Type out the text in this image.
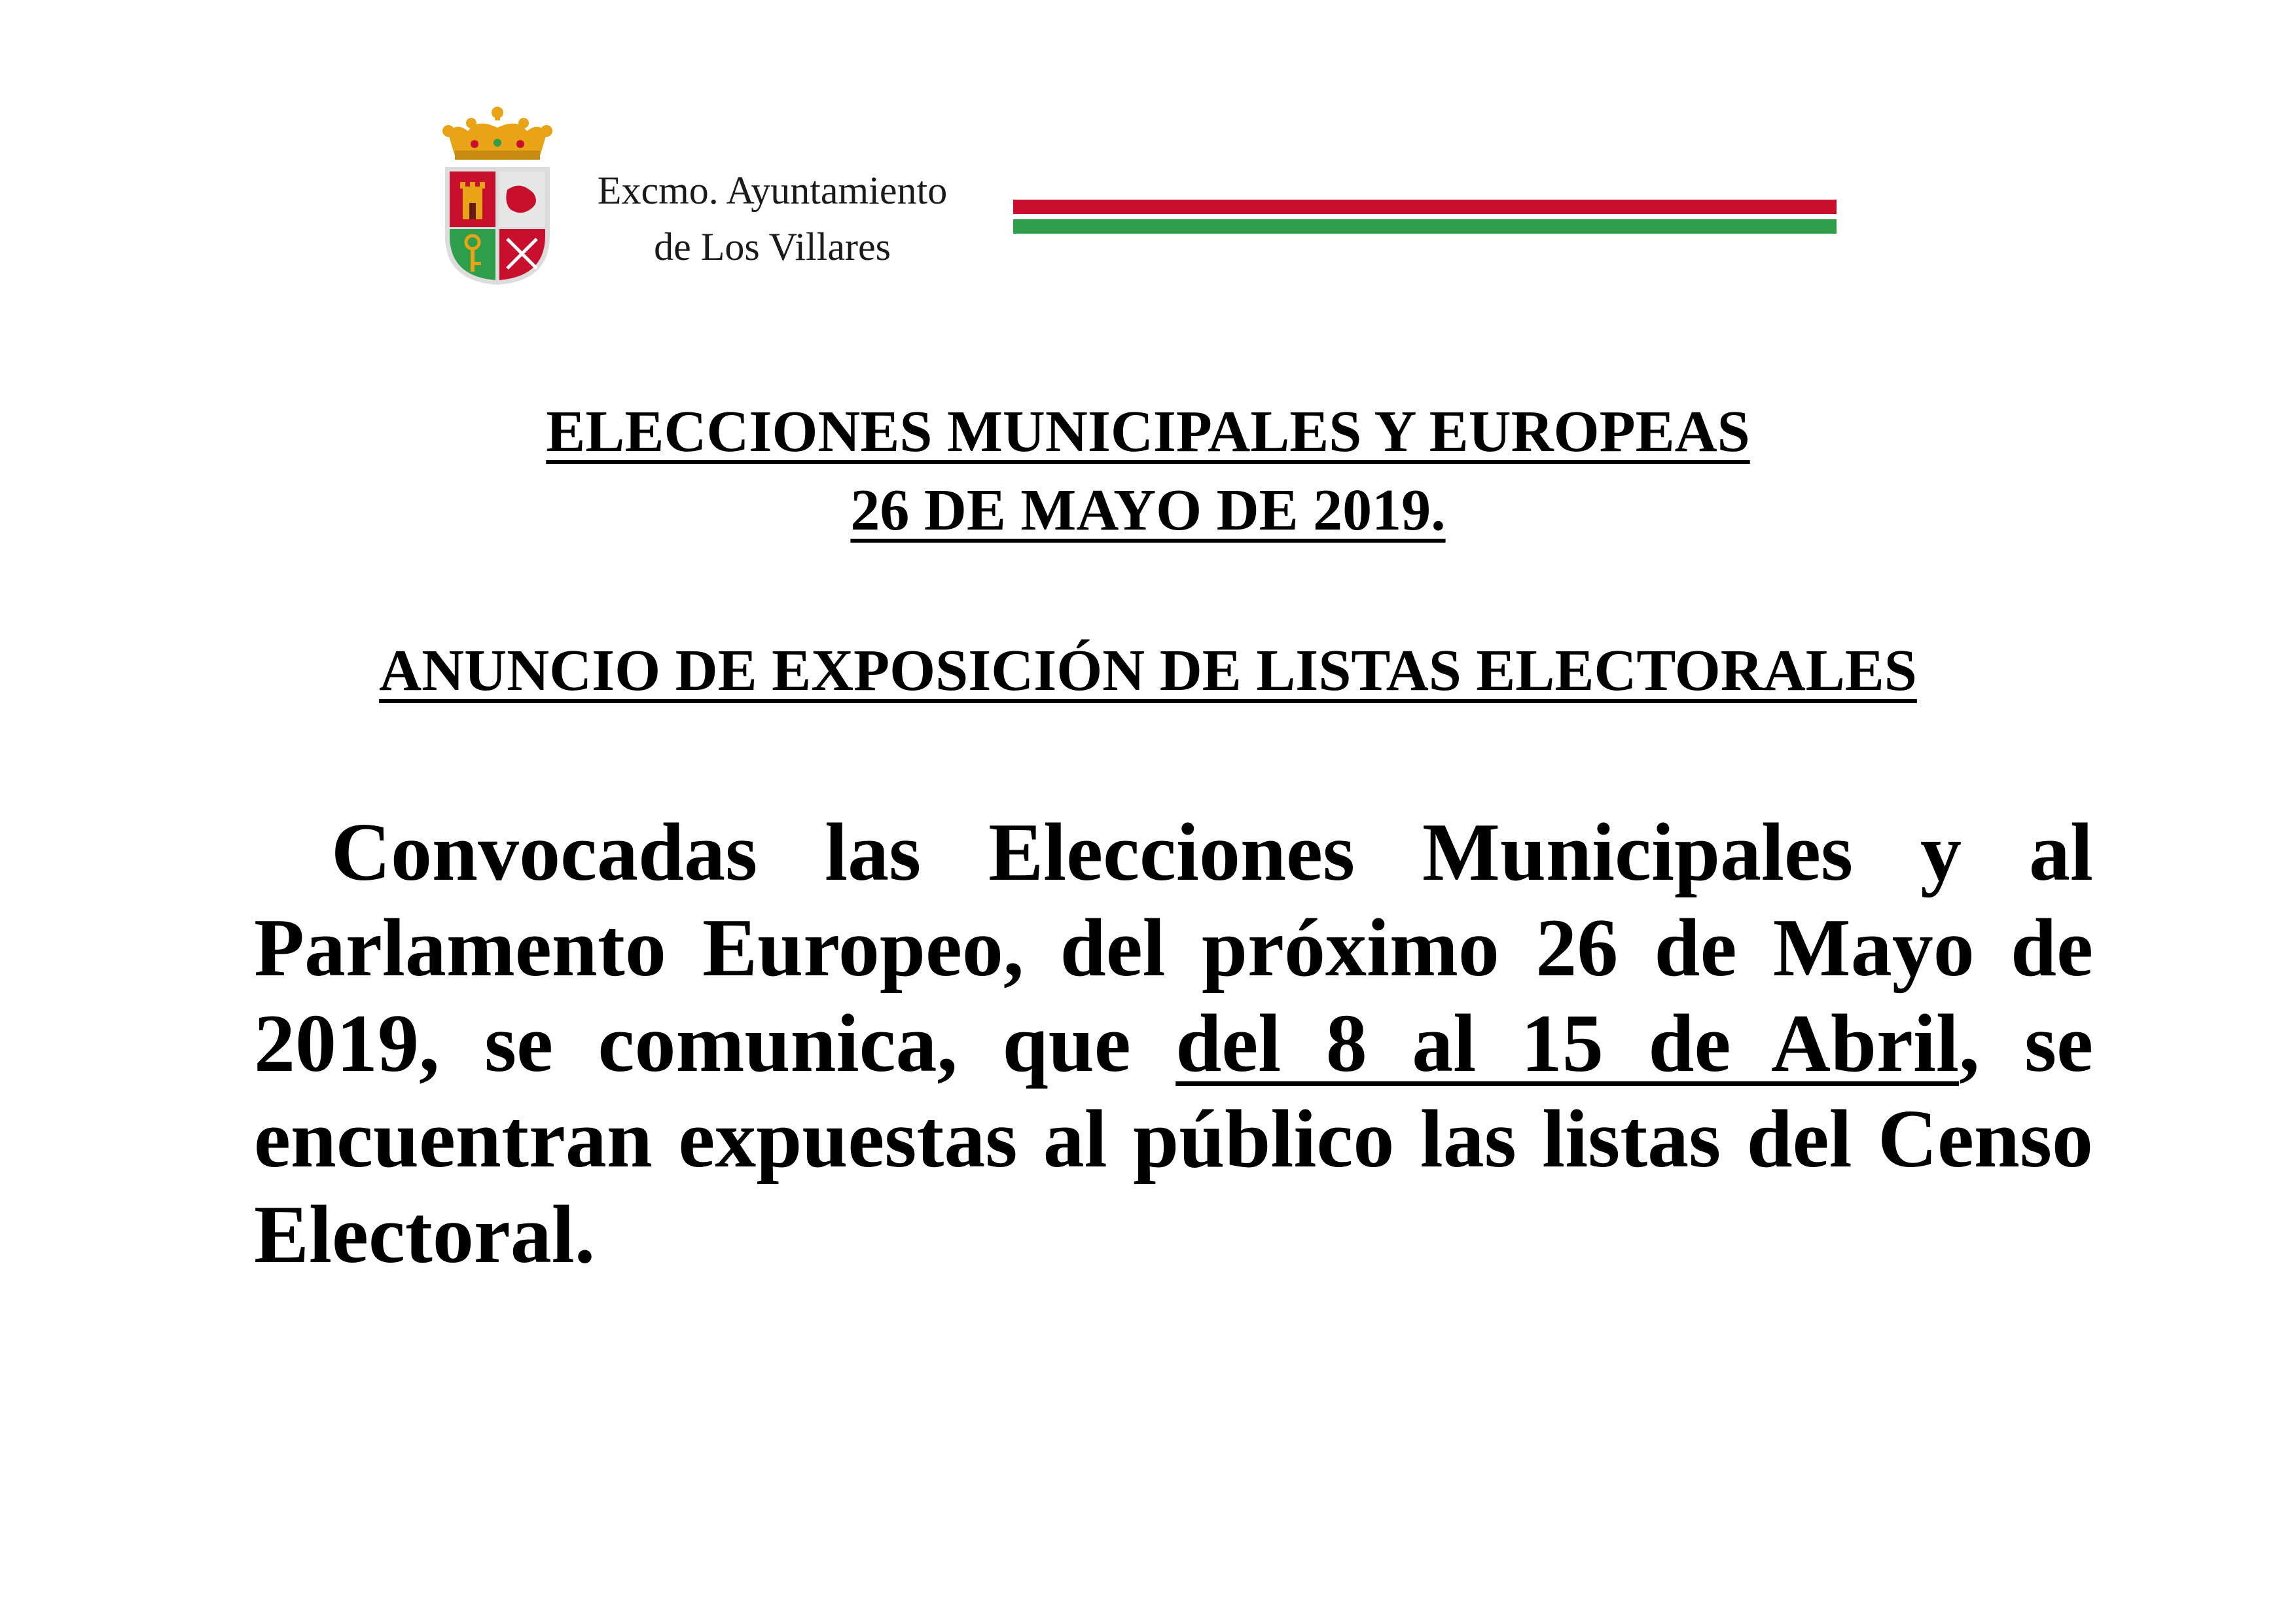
Excmo. Ayuntamiento
de Los Villares
ELECCIONES MUNICIPALES Y EUROPEAS
26 DE MAYO DE 2019.
ANUNCIO DE EXPOSICIÓN DE LISTAS ELECTORALES

Convocadas las Elecciones Municipales y al Parlamento Europeo, del próximo 26 de Mayo de 2019, se comunica, que del 8 al 15 de Abril, se encuentran expuestas al público las listas del Censo Electoral.
